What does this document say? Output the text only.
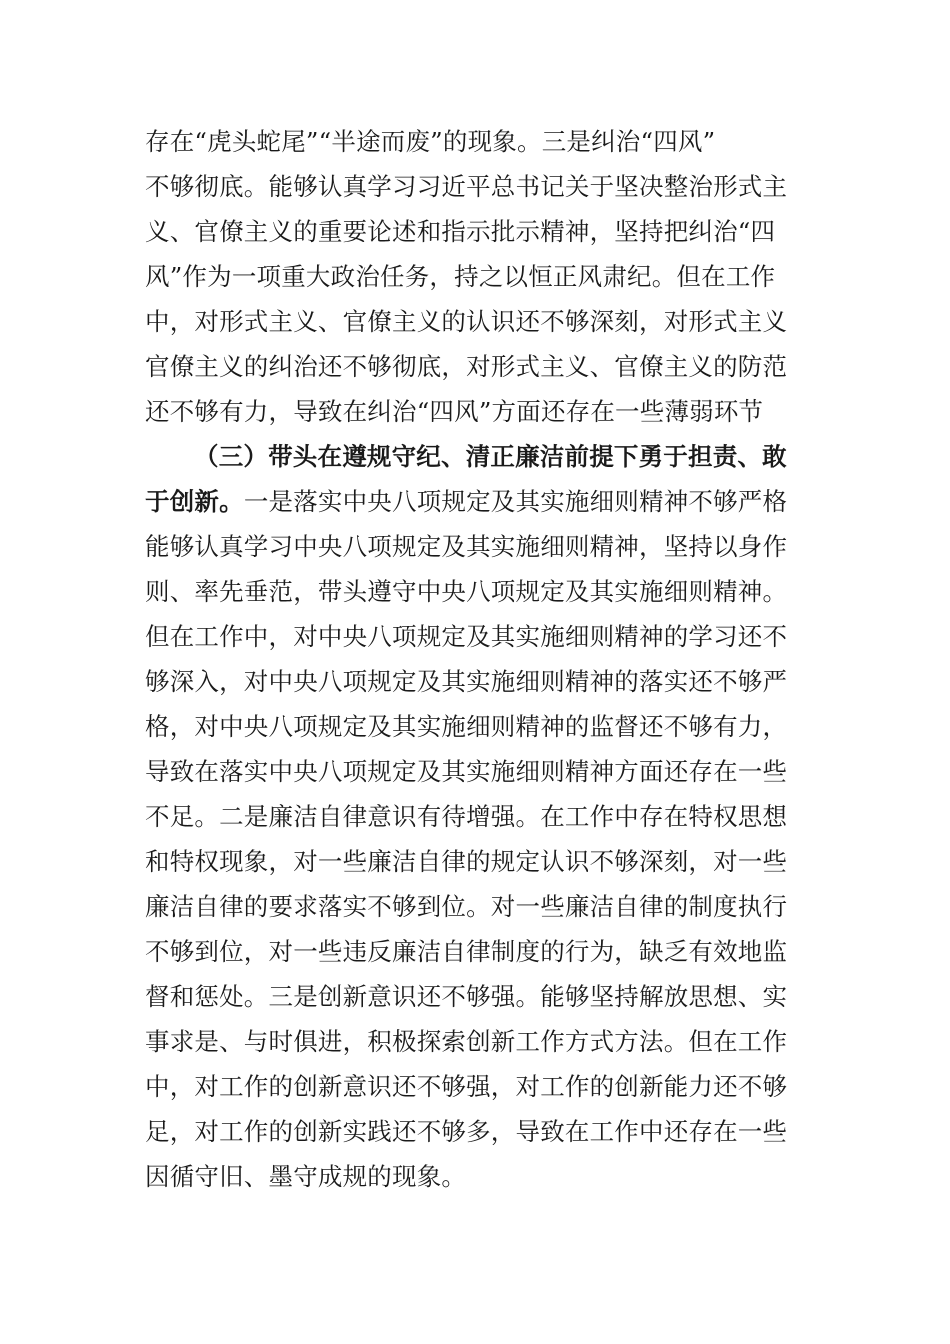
存在“虎头蛇尾”“半途而废”的现象。三是纠治“四风”
不够彻底。能够认真学习习近平总书记关于坚决整治形式主
义、官僚主义的重要论述和指示批示精神，坚持把纠治“四
风”作为一项重大政治任务，持之以恒正风肃纪。但在工作
中，对形式主义、官僚主义的认识还不够深刻，对形式主义
官僚主义的纠治还不够彻底，对形式主义、官僚主义的防范
还不够有力，导致在纠治“四风”方面还存在一些薄弱环节
（三）带头在遵规守纪、清正廉洁前提下勇于担责、敢
于创新。一是落实中央八项规定及其实施细则精神不够严格
能够认真学习中央八项规定及其实施细则精神，坚持以身作
则、率先垂范，带头遵守中央八项规定及其实施细则精神。
但在工作中，对中央八项规定及其实施细则精神的学习还不
够深入，对中央八项规定及其实施细则精神的落实还不够严
格，对中央八项规定及其实施细则精神的监督还不够有力，
导致在落实中央八项规定及其实施细则精神方面还存在一些
不足。二是廉洁自律意识有待增强。在工作中存在特权思想
和特权现象，对一些廉洁自律的规定认识不够深刻，对一些
廉洁自律的要求落实不够到位。对一些廉洁自律的制度执行
不够到位，对一些违反廉洁自律制度的行为，缺乏有效地监
督和惩处。三是创新意识还不够强。能够坚持解放思想、实
事求是、与时俱进，积极探索创新工作方式方法。但在工作
中，对工作的创新意识还不够强，对工作的创新能力还不够
足，对工作的创新实践还不够多，导致在工作中还存在一些
因循守旧、墨守成规的现象。
